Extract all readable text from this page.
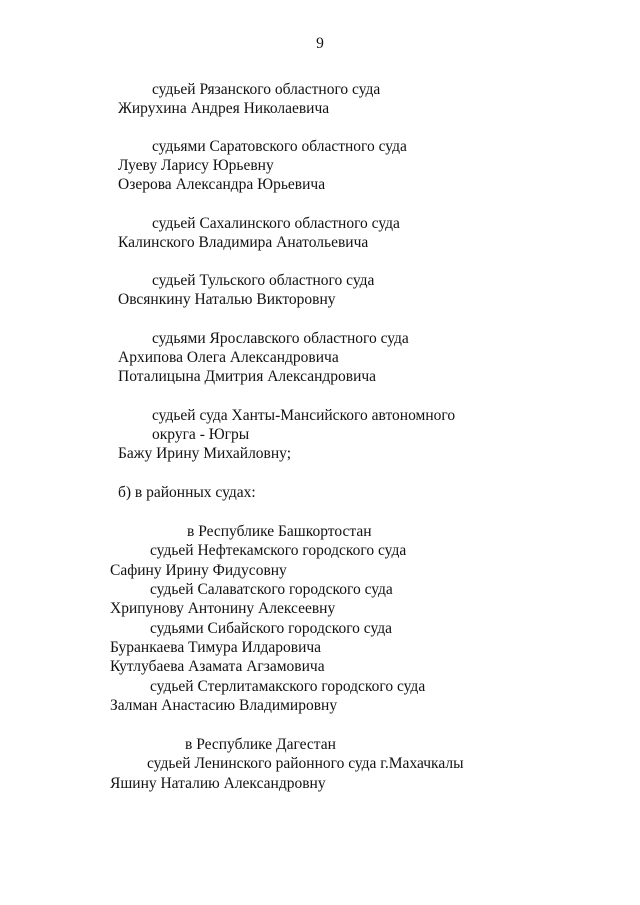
9
судьей Рязанского областного суда
Жирухина Андрея Николаевича
судьями Саратовского областного суда
Луеву Ларису Юрьевну
Озерова Александра Юрьевича
судьей Сахалинского областного суда
Калинского Владимира Анатольевича
судьей Тульского областного суда
Овсянкину Наталью Викторовну
судьями Ярославского областного суда
Архипова Олега Александровича
Поталицына Дмитрия Александровича
судьей суда Ханты-Мансийского автономного
округа - Югры
Бажу Ирину Михайловну;
б) в районных судах:
в Республике Башкортостан
судьей Нефтекамского городского суда
Сафину Ирину Фидусовну
судьей Салаватского городского суда
Хрипунову Антонину Алексеевну
судьями Сибайского городского суда
Буранкаева Тимура Илдаровича
Кутлубаева Азамата Агзамовича
судьей Стерлитамакского городского суда
Залман Анастасию Владимировну
в Республике Дагестан
судьей Ленинского районного суда г.Махачкалы
Яшину Наталию Александровну
